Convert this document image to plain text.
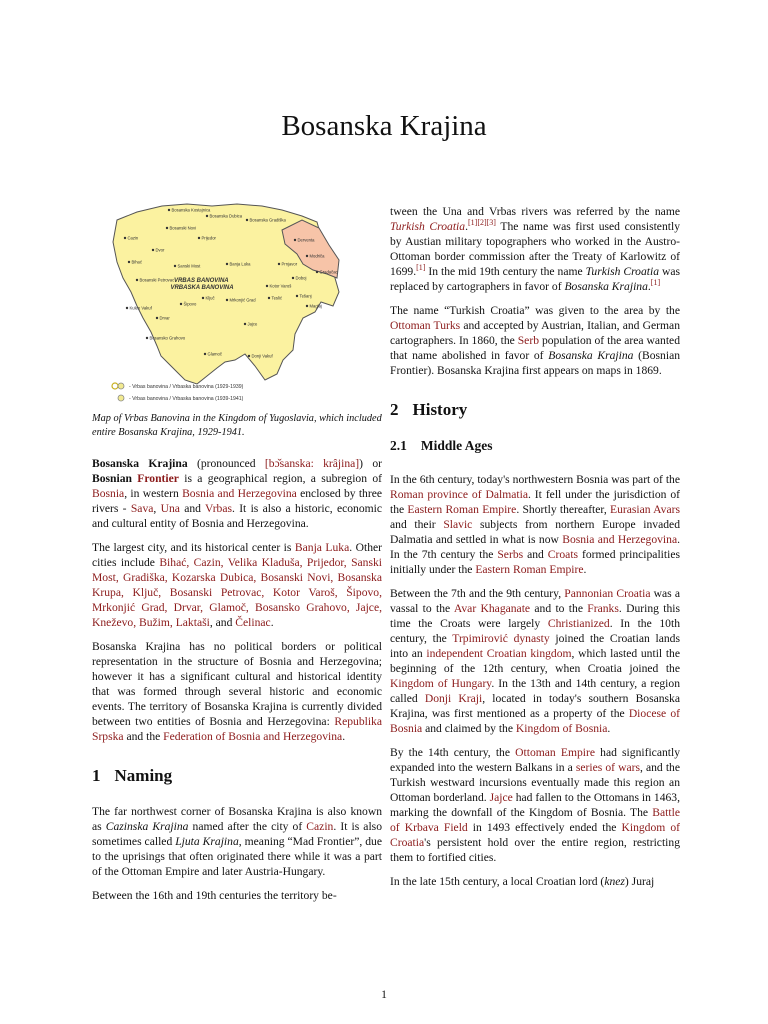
Bosanska Krajina
VRBAS BANOVINA VRBASKA BANOVINA
Bosanska Kostajnica
Bosanska Dubica
Bosanska Gradiška
Bosanski Novi
Cazin	Prijedor
Bihać
Sanski Most	Banja Luka
Bosanski Petrovac
Ključ
Kotor Varoš
Mrkonjić Grad
Drvar
Jajce
Bosansko Grahovo
Glamoč	Donji Vakuf
Derventa
Modriča
Gradačac
Prnjavor
Doboj
Teslić	Tešanj
Maglaj
Dvor
Šipovo
Kulen Vakuf
- Vrbas banovina / Vrbaska banovina (1929-1939)
- Vrbas banovina / Vrbaska banovina (1939-1941)

Map of Vrbas Banovina in the Kingdom of Yugoslavia, which included entire Bosanska Krajina, 1929-1941.

Bosanska Krajina (pronounced [bɔ̌sanska: krâjina]) or Bosnian Frontier is a geographical region, a subregion of Bosnia, in western Bosnia and Herzegovina enclosed by three rivers - Sava, Una and Vrbas. It is also a historic, economic and cultural entity of Bosnia and Herzegovina.

The largest city, and its historical center is Banja Luka. Other cities include Bihać, Cazin, Velika Kladuša, Prijedor, Sanski Most, Gradiška, Kozarska Dubica, Bosanski Novi, Bosanska Krupa, Ključ, Bosanski Petrovac, Kotor Varoš, Šipovo, Mrkonjić Grad, Drvar, Glamoč, Bosansko Grahovo, Jajce, Kneževo, Bužim, Laktaši, and Čelinac.

Bosanska Krajina has no political borders or political representation in the structure of Bosnia and Herzegovina; however it has a significant cultural and historical identity that was formed through several historic and economic events. The territory of Bosanska Krajina is currently divided between two entities of Bosnia and Herzegovina: Republika Srpska and the Federation of Bosnia and Herzegovina.

1 Naming

The far northwest corner of Bosanska Krajina is also known as Cazinska Krajina named after the city of Cazin. It is also sometimes called Ljuta Krajina, meaning “Mad Frontier”, due to the uprisings that often originated there while it was a part of the Ottoman Empire and later Austria-Hungary.

Between the 16th and 19th centuries the territory be-

tween the Una and Vrbas rivers was referred by the name Turkish Croatia.[1][2][3] The name was first used consistently by Austian military topographers who worked in the Austro-Ottoman border commission after the Treaty of Karlowitz of 1699.[1] In the mid 19th century the name Turkish Croatia was replaced by cartographers in favor of Bosanska Krajina.[1]

The name “Turkish Croatia” was given to the area by the Ottoman Turks and accepted by Austrian, Italian, and German cartographers. In 1860, the Serb population of the area wanted that name abolished in favor of Bosanska Krajina (Bosnian Frontier). Bosanska Krajina first appears on maps in 1869.

2 History
2.1 Middle Ages

In the 6th century, today's northwestern Bosnia was part of the Roman province of Dalmatia. It fell under the jurisdiction of the Eastern Roman Empire. Shortly thereafter, Eurasian Avars and their Slavic subjects from northern Europe invaded Dalmatia and settled in what is now Bosnia and Herzegovina. In the 7th century the Serbs and Croats formed principalities initially under the Eastern Roman Empire.

Between the 7th and the 9th century, Pannonian Croatia was a vassal to the Avar Khaganate and to the Franks. During this time the Croats were largely Christianized. In the 10th century, the Trpimirović dynasty joined the Croatian lands into an independent Croatian kingdom, which lasted until the beginning of the 12th century, when Croatia joined the Kingdom of Hungary. In the 13th and 14th century, a region called Donji Kraji, located in today's southern Bosanska Krajina, was first mentioned as a property of the Diocese of Bosnia and claimed by the Kingdom of Bosnia.

By the 14th century, the Ottoman Empire had significantly expanded into the western Balkans in a series of wars, and the Turkish westward incursions eventually made this region an Ottoman borderland. Jajce had fallen to the Ottomans in 1463, marking the downfall of the Kingdom of Bosnia. The Battle of Krbava Field in 1493 effectively ended the Kingdom of Croatia's persistent hold over the entire region, restricting them to fortified cities.

In the late 15th century, a local Croatian lord (knez) Juraj

1
